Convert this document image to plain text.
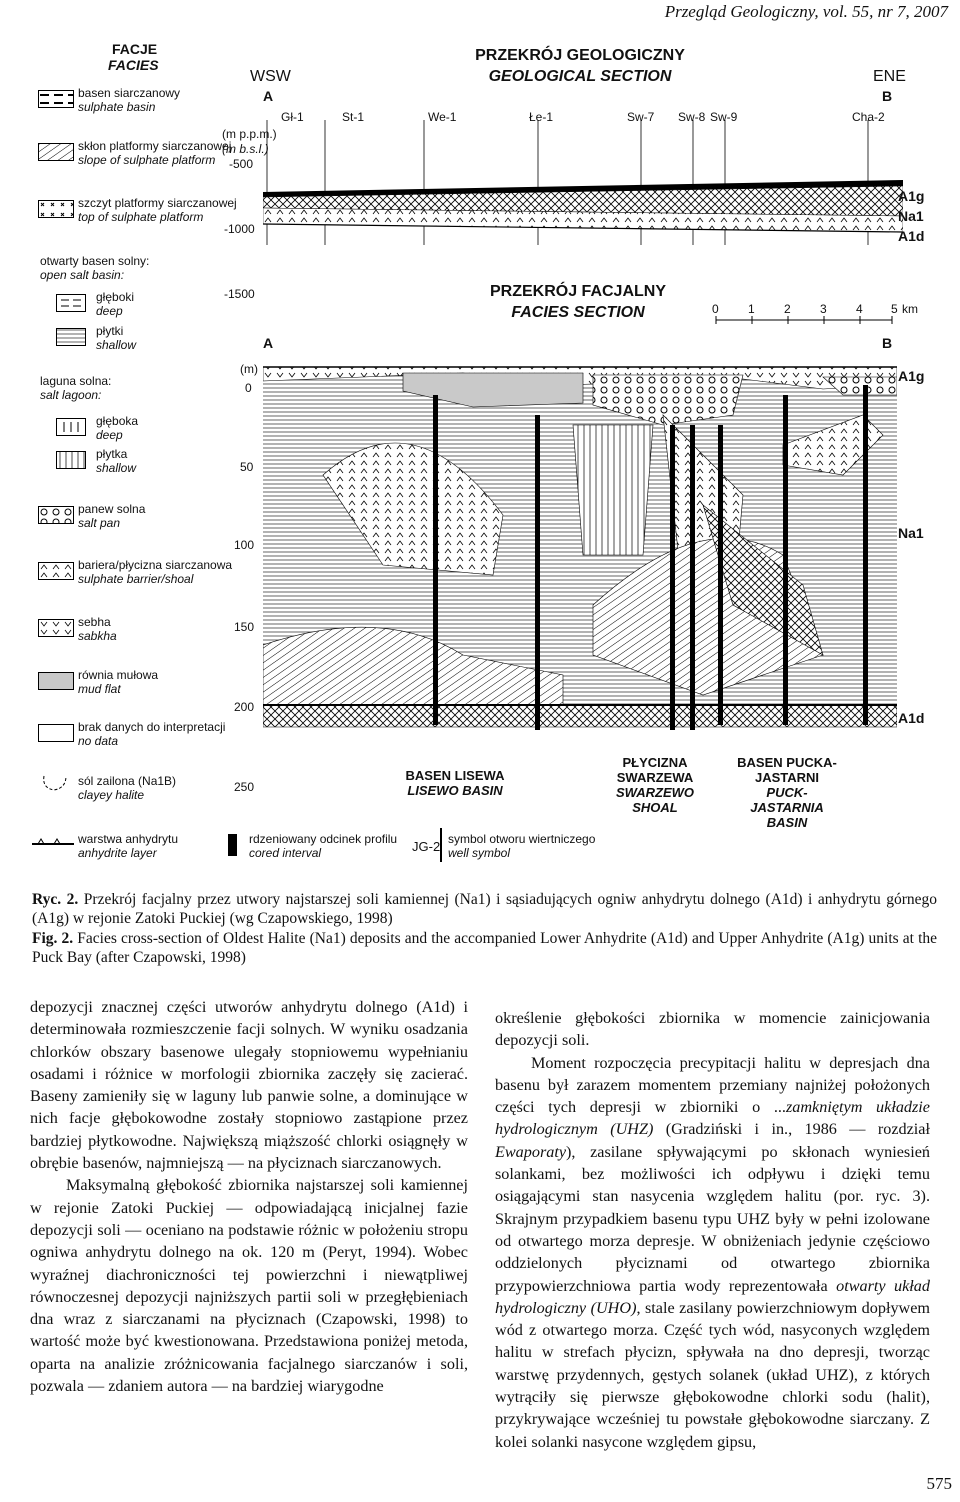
Przegląd Geologiczny, vol. 55, nr 7, 2007
FACJE
FACIES
basen siarczanowy
sulphate basin
skłon platformy siarczanowej
slope of sulphate platform
szczyt platformy siarczanowej
top of sulphate platform
otwarty basen solny:
open salt basin:
głęboki
deep
płytki
shallow
laguna solna:
salt lagoon:
głęboka
deep
płytka
shallow
panew solna
salt pan
bariera/płycizna siarczanowa
sulphate barrier/shoal
sebha
sabkha
równia mułowa
mud flat
brak danych do interpretacji
no data
sól zailona (Na1B)
clayey halite
warstwa anhydrytu
anhydrite layer
rdzeniowany odcinek profilu
cored interval	JG-2 symbol otworu wiertniczego
well symbol
PRZEKRÓJ GEOLOGICZNY
GEOLOGICAL SECTION
WSW
A
ENE
B
Gł-1	St-1	We-1	Łe-1	Sw-7 Sw-8 Sw-9	Cha-2
(m p.p.m.)
(m b.s.l.)
-500
-1000
-1500
A1g
Na1
A1d
PRZEKRÓJ FACJALNY
FACIES SECTION	0 1 2 3 4 5 km
A	B
(m)
0
50
100
150
200
250
A1g
Na1
A1d
BASEN LISEWA
LISEWO BASIN
PŁYCIZNA SWARZEWA
SWARZEWO SHOAL
BASEN PUCKA-JASTARNI
PUCK-JASTARNIA BASIN
Ryc. 2. Przekrój facjalny przez utwory najstarszej soli kamiennej (Na1) i sąsiadujących ogniw anhydrytu dolnego (A1d) i anhydrytu górnego (A1g) w rejonie Zatoki Puckiej (wg Czapowskiego, 1998)
Fig. 2. Facies cross-section of Oldest Halite (Na1) deposits and the accompanied Lower Anhydrite (A1d) and Upper Anhydrite (A1g) units at the Puck Bay (after Czapowski, 1998)

depozycji znacznej części utworów anhydrytu dolnego (A1d) i determinowała rozmieszczenie facji solnych. W wyniku osadzania chlorków obszary basenowe ulegały stopniowemu wypełnianiu osadami i różnice w morfologii zbiornika zaczęły się zacierać. Baseny zamieniły się w laguny lub panwie solne, a dominujące w nich facje głębokowodne zostały stopniowo zastąpione przez bardziej płytkowodne. Największą miąższość chlorki osiągnęły w obrębie basenów, najmniejszą — na płyciznach siarczanowych.

Maksymalną głębokość zbiornika najstarszej soli kamiennej w rejonie Zatoki Puckiej — odpowiadającą inicjalnej fazie depozycji soli — oceniano na podstawie różnic w położeniu stropu ogniwa anhydrytu dolnego na ok. 120 m (Peryt, 1994). Wobec wyraźnej diachroniczności tej powierzchni i niewątpliwej równoczesnej depozycji najniższych partii soli w przegłębieniach dna wraz z siarczanami na płyciznach (Czapowski, 1998) to wartość może być kwestionowana. Przedstawiona poniżej metoda, oparta na analizie zróżnicowania facjalnego siarczanów i soli, pozwala — zdaniem autora — na bardziej wiarygodne

określenie głębokości zbiornika w momencie zainicjowania depozycji soli.

Moment rozpoczęcia precypitacji halitu w depresjach dna basenu był zarazem momentem przemiany najniżej położonych części tych depresji w zbiorniki o ...zamkniętym układzie hydrologicznym (UHZ) (Gradziński i in., 1986 — rozdział Ewaporaty), zasilane spływającymi po skłonach wyniesień solankami, bez możliwości ich odpływu i dzięki temu osiągającymi stan nasycenia względem halitu (por. ryc. 3). Skrajnym przypadkiem basenu typu UHZ były w pełni izolowane od otwartego morza depresje. W obniżeniach jedynie częściowo oddzielonych płyciznami od otwartego zbiornika przypowierzchniowa partia wody reprezentowała otwarty układ hydrologiczny (UHO), stale zasilany powierzchniowym dopływem wód z otwartego morza. Część tych wód, nasyconych względem halitu w strefach płycizn, spływała na dno depresji, tworząc warstwę przydennych, gęstych solanek (układ UHZ), z których wytrąciły się pierwsze głębokowodne chlorki sodu (halit), przykrywające wcześniej tu powstałe głębokowodne siarczany. Z kolei solanki nasycone względem gipsu,

575
